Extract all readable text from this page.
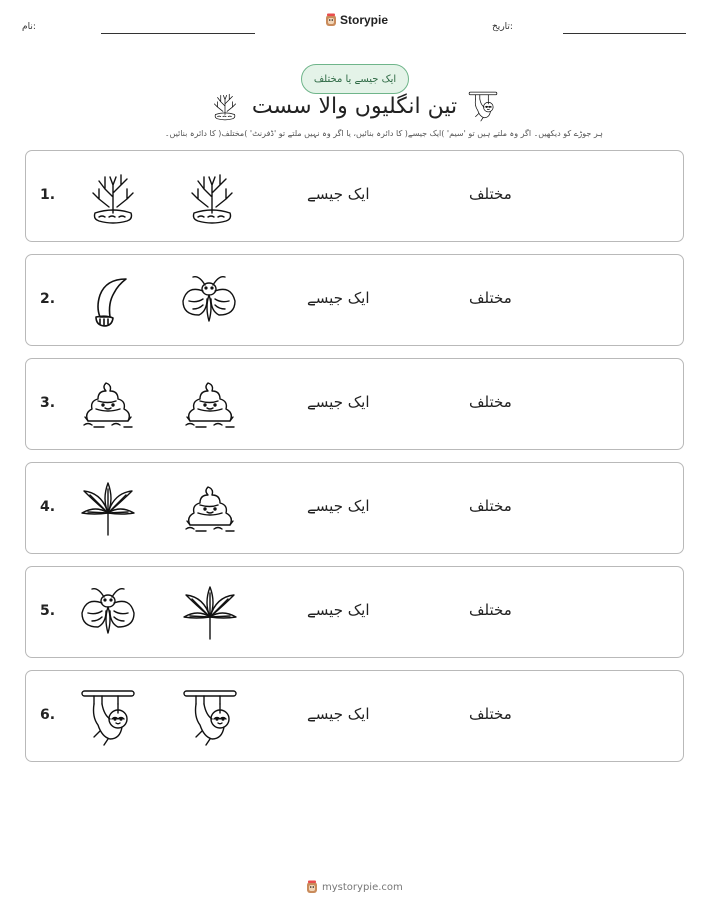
نام:	Storypie	تاریخ:
ایک جیسے یا مختلف
تین انگلیوں والا سست
ہر جوڑے کو دیکھیں۔ اگر وہ ملتے ہیں تو 'سیم' )ایک جیسے( کا دائرہ بنائیں، یا اگر وہ نہیں ملتے تو 'ڈفرنٹ' )مختلف( کا دائرہ بنائیں۔
1.	ایک جیسے	مختلف
2.	ایک جیسے	مختلف
3.	ایک جیسے	مختلف
4.	ایک جیسے	مختلف
5.	ایک جیسے	مختلف
6.	ایک جیسے	مختلف
mystorypie.com
